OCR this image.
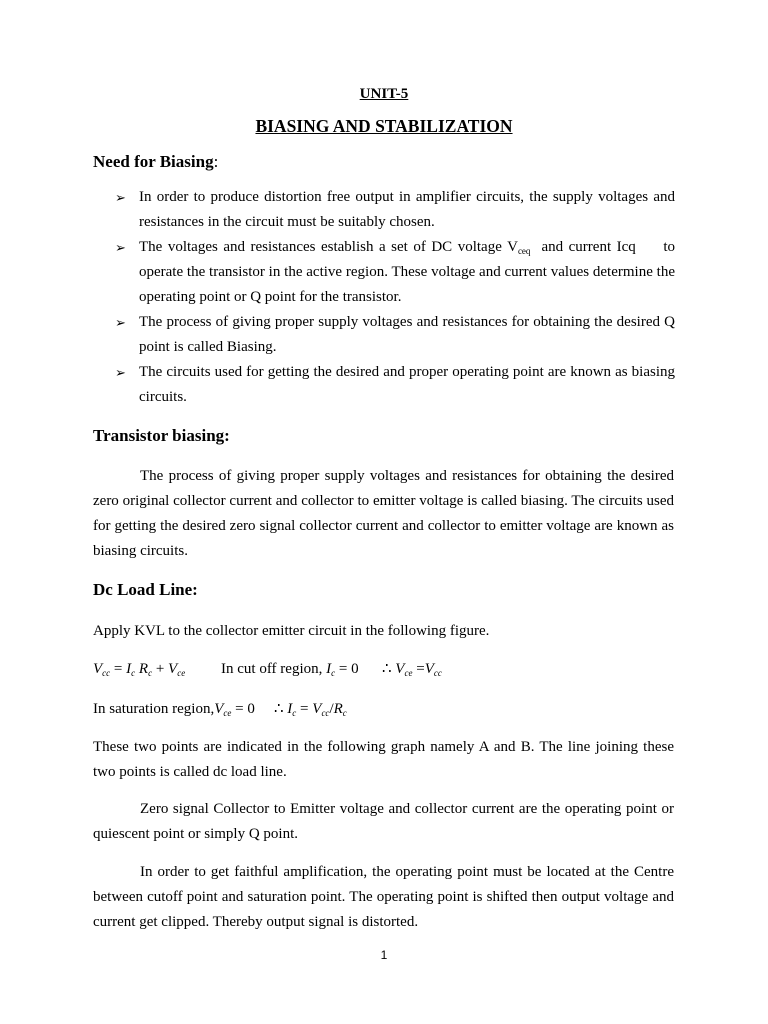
UNIT-5
BIASING AND STABILIZATION
Need for Biasing:
➢ In order to produce distortion free output in amplifier circuits, the supply voltages and resistances in the circuit must be suitably chosen.
➢ The voltages and resistances establish a set of DC voltage $V_{ceq}$  and current Icq     to operate the transistor in the active region. These voltage and current values determine the operating point or Q point for the transistor.
➢ The process of giving proper supply voltages and resistances for obtaining the desired Q point is called Biasing.
➢ The circuits used for getting the desired and proper operating point are known as biasing circuits.
Transistor biasing:
The process of giving proper supply voltages and resistances for obtaining the desired zero original collector current and collector to emitter voltage is called biasing. The circuits used for getting the desired zero signal collector current and collector to emitter voltage are known as biasing circuits.
Dc Load Line:
Apply KVL to the collector emitter circuit in the following figure.
$V_{cc} = I_c$ $R_c + V_{ce}$ In cut off region, $I_c = 0$ ∴ $V_{ce} =V_{cc}$
In saturation $region,V_{ce} = 0$ ∴ $I_c = V_{cc}/R_c$
These two points are indicated in the following graph namely A and B. The line joining these two points is called dc load line.
Zero signal Collector to Emitter voltage and collector current are the operating point or quiescent point or simply Q point.
In order to get faithful amplification, the operating point must be located at the Centre between cutoff point and saturation point. The operating point is shifted then output voltage and current get clipped. Thereby output signal is distorted.
1
